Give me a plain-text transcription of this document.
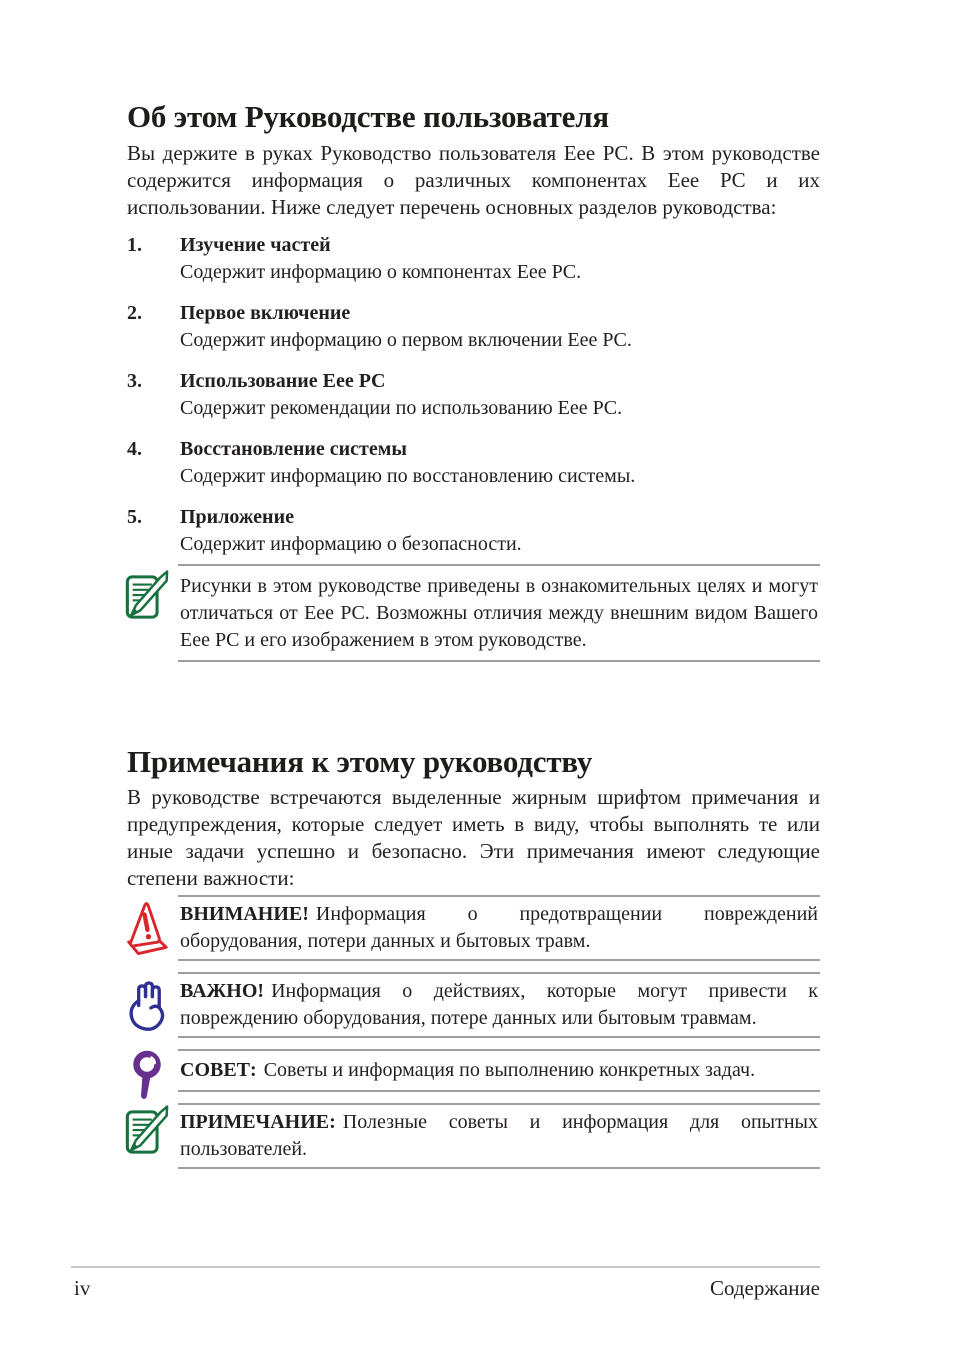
Об этом Руководстве пользователя

Вы держите в руках Руководство пользователя Eee PC. В этом руководстве содержится информация о различных компонентах Eee PC и их использовании. Ниже следует перечень основных разделов руководства:

1. Изучение частей
Содержит информацию о компонентах Eee PC.
2. Первое включение
Содержит информацию о первом включении Eee PC.
3. Использование Eee PC
Содержит рекомендации по использованию Eee PC.
4. Восстановление системы
Содержит информацию по восстановлению системы.
5. Приложение
Содержит информацию о безопасности.

Рисунки в этом руководстве приведены в ознакомительных целях и могут отличаться от Eee PC. Возможны отличия между внешним видом Вашего Eee PC и его изображением в этом руководстве.

Примечания к этому руководству

В руководстве встречаются выделенные жирным шрифтом примечания и предупреждения, которые следует иметь в виду, чтобы выполнять те или иные задачи успешно и безопасно. Эти примечания имеют следующие степени важности:

ВНИМАНИЕ! Информация о предотвращении повреждений оборудования, потери данных и бытовых травм.

ВАЖНО! Информация о действиях, которые могут привести к повреждению оборудования, потере данных или бытовым травмам.

СОВЕТ: Советы и информация по выполнению конкретных задач.

ПРИМЕЧАНИЕ: Полезные советы и информация для опытных пользователей.

iv	Содержание
